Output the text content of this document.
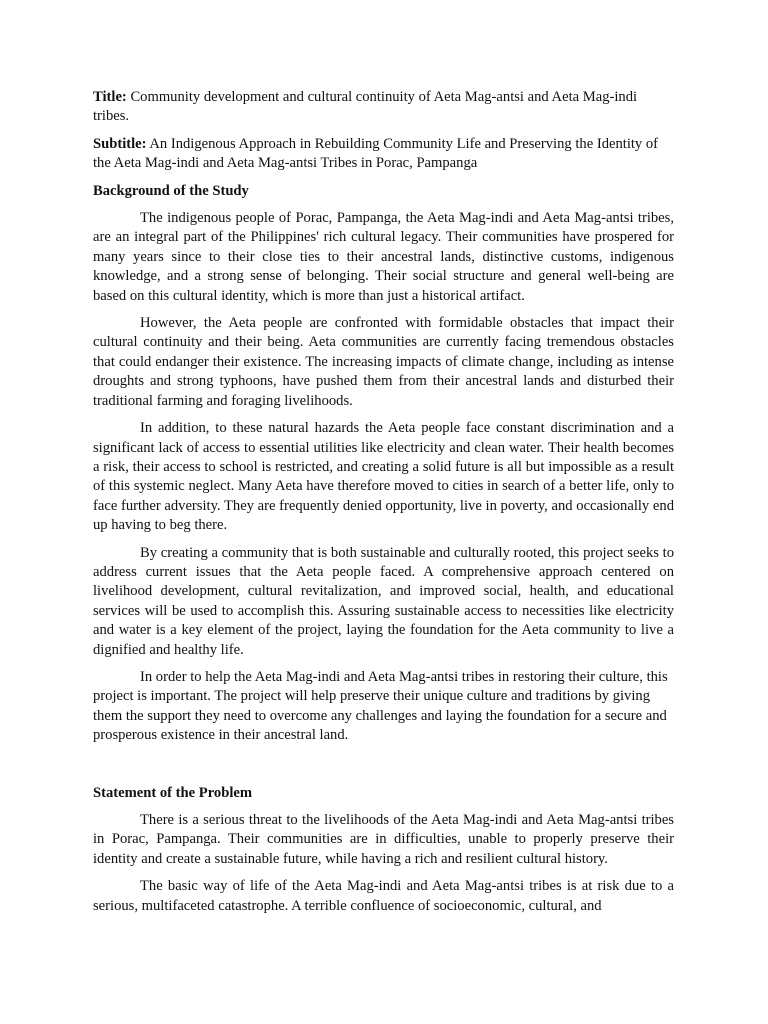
Title: Community development and cultural continuity of Aeta Mag-antsi and Aeta Mag-indi tribes.

Subtitle: An Indigenous Approach in Rebuilding Community Life and Preserving the Identity of the Aeta Mag-indi and Aeta Mag-antsi Tribes in Porac, Pampanga

Background of the Study

The indigenous people of Porac, Pampanga, the Aeta Mag-indi and Aeta Mag-antsi tribes, are an integral part of the Philippines' rich cultural legacy. Their communities have prospered for many years since to their close ties to their ancestral lands, distinctive customs, indigenous knowledge, and a strong sense of belonging. Their social structure and general well-being are based on this cultural identity, which is more than just a historical artifact.

However, the Aeta people are confronted with formidable obstacles that impact their cultural continuity and their being. Aeta communities are currently facing tremendous obstacles that could endanger their existence. The increasing impacts of climate change, including as intense droughts and strong typhoons, have pushed them from their ancestral lands and disturbed their traditional farming and foraging livelihoods.

In addition, to these natural hazards the Aeta people face constant discrimination and a significant lack of access to essential utilities like electricity and clean water. Their health becomes a risk, their access to school is restricted, and creating a solid future is all but impossible as a result of this systemic neglect. Many Aeta have therefore moved to cities in search of a better life, only to face further adversity. They are frequently denied opportunity, live in poverty, and occasionally end up having to beg there.

By creating a community that is both sustainable and culturally rooted, this project seeks to address current issues that the Aeta people faced. A comprehensive approach centered on livelihood development, cultural revitalization, and improved social, health, and educational services will be used to accomplish this. Assuring sustainable access to necessities like electricity and water is a key element of the project, laying the foundation for the Aeta community to live a dignified and healthy life.

In order to help the Aeta Mag-indi and Aeta Mag-antsi tribes in restoring their culture, this project is important. The project will help preserve their unique culture and traditions by giving them the support they need to overcome any challenges and laying the foundation for a secure and prosperous existence in their ancestral land.

Statement of the Problem

There is a serious threat to the livelihoods of the Aeta Mag-indi and Aeta Mag-antsi tribes in Porac, Pampanga. Their communities are in difficulties, unable to properly preserve their identity and create a sustainable future, while having a rich and resilient cultural history.

The basic way of life of the Aeta Mag-indi and Aeta Mag-antsi tribes is at risk due to a serious, multifaceted catastrophe. A terrible confluence of socioeconomic, cultural, and
